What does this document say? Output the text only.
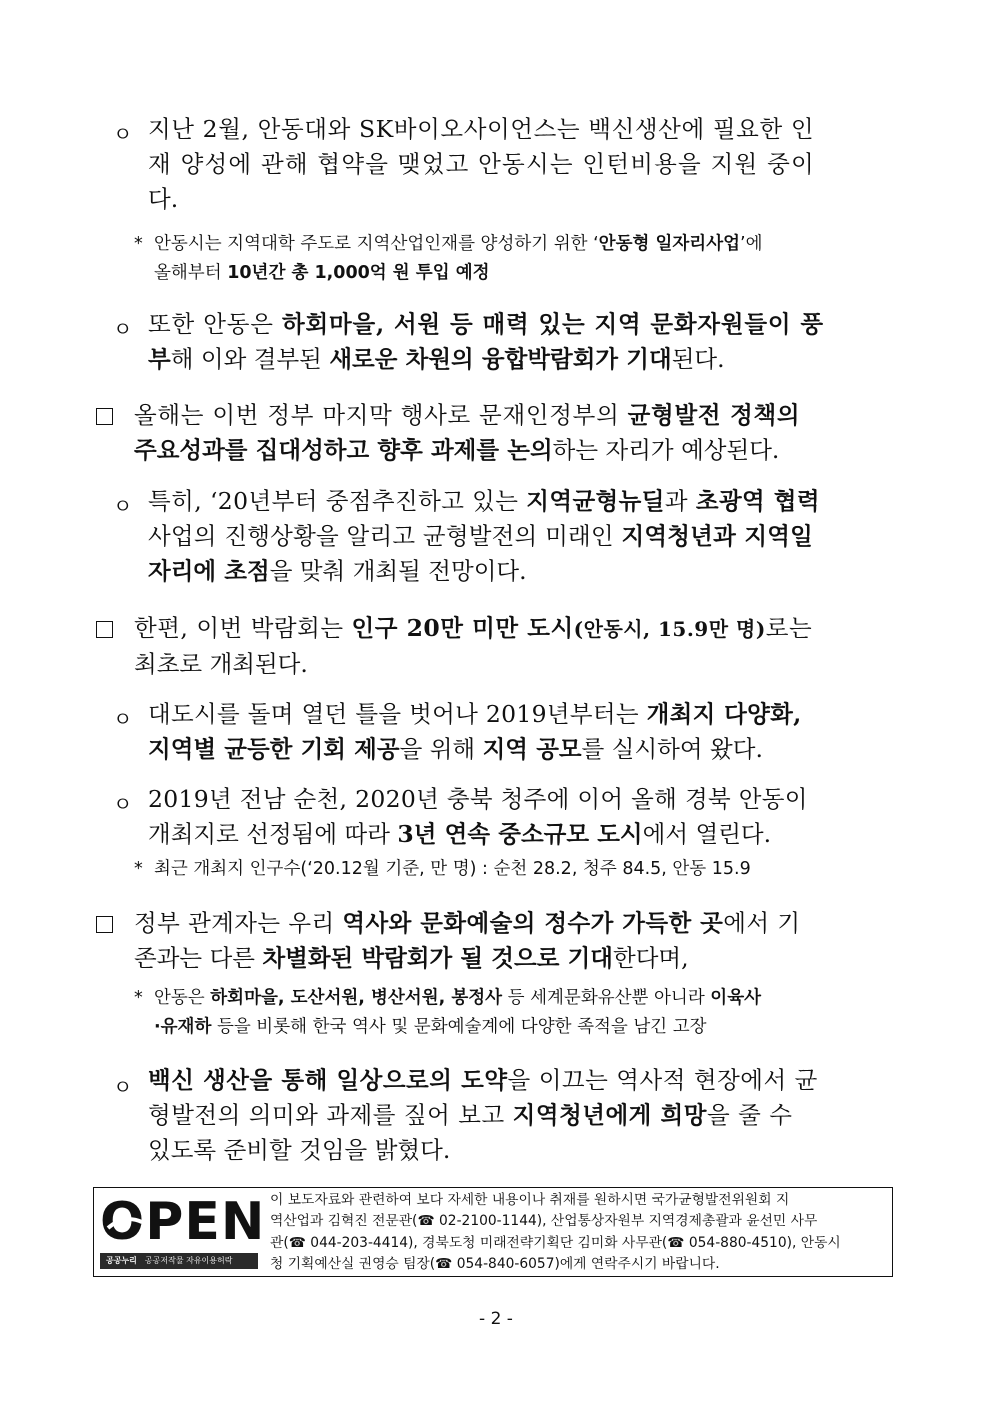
ㅇ 지난 2월, 안동대와 SK바이오사이언스는 백신생산에 필요한 인
재 양성에 관해 협약을 맺었고 안동시는 인턴비용을 지원 중이
다.
* 안동시는 지역대학 주도로 지역산업인재를 양성하기 위한 ‘안동형 일자리사업’에
올해부터 10년간 총 1,000억 원 투입 예정
ㅇ 또한 안동은 하회마을, 서원 등 매력 있는 지역 문화자원들이 풍
부해 이와 결부된 새로운 차원의 융합박람회가 기대된다.
올해는 이번 정부 마지막 행사로 문재인정부의 균형발전 정책의
주요성과를 집대성하고 향후 과제를 논의하는 자리가 예상된다.
ㅇ 특히, ‘20년부터 중점추진하고 있는 지역균형뉴딜과 초광역 협력
사업의 진행상황을 알리고 균형발전의 미래인 지역청년과 지역일
자리에 초점을 맞춰 개최될 전망이다.
한편, 이번 박람회는 인구 20만 미만 도시(안동시, 15.9만 명)로는
최초로 개최된다.
ㅇ 대도시를 돌며 열던 틀을 벗어나 2019년부터는 개최지 다양화,
지역별 균등한 기회 제공을 위해 지역 공모를 실시하여 왔다.
ㅇ 2019년 전남 순천, 2020년 충북 청주에 이어 올해 경북 안동이
개최지로 선정됨에 따라 3년 연속 중소규모 도시에서 열린다.
* 최근 개최지 인구수(‘20.12월 기준, 만 명) : 순천 28.2, 청주 84.5, 안동 15.9
정부 관계자는 우리 역사와 문화예술의 정수가 가득한 곳에서 기
존과는 다른 차별화된 박람회가 될 것으로 기대한다며,
* 안동은 하회마을, 도산서원, 병산서원, 봉정사 등 세계문화유산뿐 아니라 이육사
·유재하 등을 비롯해 한국 역사 및 문화예술계에 다양한 족적을 남긴 고장
ㅇ 백신 생산을 통해 일상으로의 도약을 이끄는 역사적 현장에서 균
형발전의 의미와 과제를 짚어 보고 지역청년에게 희망을 줄 수
있도록 준비할 것임을 밝혔다.
OPEN
공공누리 공공저작물 자유이용허락
이 보도자료와 관련하여 보다 자세한 내용이나 취재를 원하시면 국가균형발전위원회 지
역산업과 김혁진 전문관(☎ 02-2100-1144), 산업통상자원부 지역경제총괄과 윤선민 사무
관(☎ 044-203-4414), 경북도청 미래전략기획단 김미화 사무관(☎ 054-880-4510), 안동시
청 기획예산실 권영승 팀장(☎ 054-840-6057)에게 연락주시기 바랍니다.
- 2 -
